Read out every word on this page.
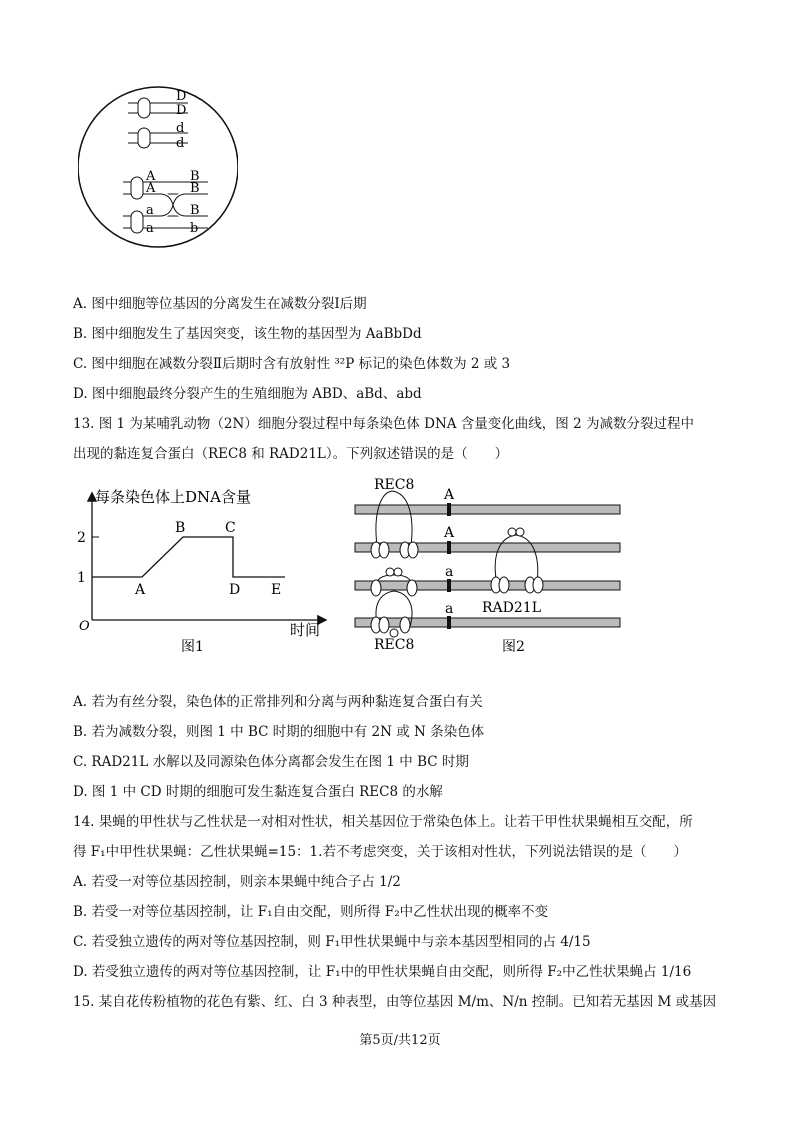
D
D
d
d
A
A
a
a
B
B
B
b
A. 图中细胞等位基因的分离发生在减数分裂Ⅰ后期
B. 图中细胞发生了基因突变，该生物的基因型为 AaBbDd
C. 图中细胞在减数分裂Ⅱ后期时含有放射性 ³²P 标记的染色体数为 2 或 3
D. 图中细胞最终分裂产生的生殖细胞为 ABD、aBd、abd
13. 图 1 为某哺乳动物（2N）细胞分裂过程中每条染色体 DNA 含量变化曲线，图 2 为减数分裂过程中
出现的黏连复合蛋白（REC8 和 RAD21L）。下列叙述错误的是（　　）
每条染色体上DNA含量
时间
O
2
1
A
B	C
D E
图1
A
A
a
a
REC8
REC8
RAD21L
图2
A. 若为有丝分裂，染色体的正常排列和分离与两种黏连复合蛋白有关
B. 若为减数分裂，则图 1 中 BC 时期的细胞中有 2N 或 N 条染色体
C. RAD21L 水解以及同源染色体分离都会发生在图 1 中 BC 时期
D. 图 1 中 CD 时期的细胞可发生黏连复合蛋白 REC8 的水解
14. 果蝇的甲性状与乙性状是一对相对性状，相关基因位于常染色体上。让若干甲性状果蝇相互交配，所
得 F₁中甲性状果蝇：乙性状果蝇=15：1.若不考虑突变，关于该相对性状，下列说法错误的是（　　）
A. 若受一对等位基因控制，则亲本果蝇中纯合子占 1/2
B. 若受一对等位基因控制，让 F₁自由交配，则所得 F₂中乙性状出现的概率不变
C. 若受独立遗传的两对等位基因控制，则 F₁甲性状果蝇中与亲本基因型相同的占 4/15
D. 若受独立遗传的两对等位基因控制，让 F₁中的甲性状果蝇自由交配，则所得 F₂中乙性状果蝇占 1/16
15. 某自花传粉植物的花色有紫、红、白 3 种表型，由等位基因 M/m、N/n 控制。已知若无基因 M 或基因
第5页/共12页
